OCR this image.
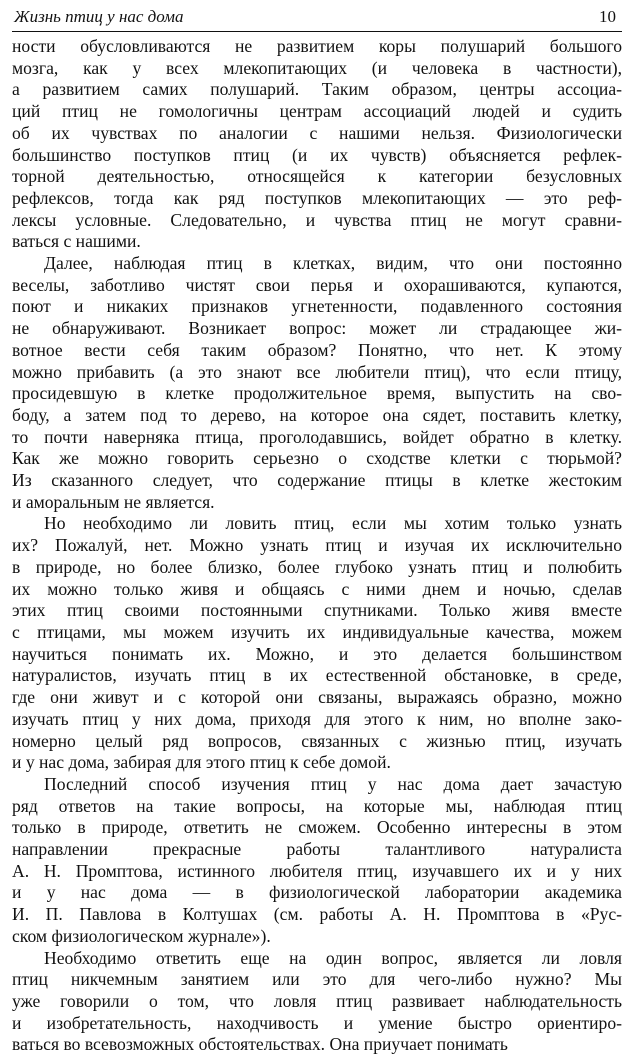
Жизнь птиц у нас дома	10

ности обусловливаются не развитием коры полушарий большого
мозга, как у всех млекопитающих (и человека в частности),
а развитием самих полушарий. Таким образом, центры ассоциа-
ций птиц не гомологичны центрам ассоциаций людей и судить
об их чувствах по аналогии с нашими нельзя. Физиологически
большинство поступков птиц (и их чувств) объясняется рефлек-
торной деятельностью, относящейся к категории безусловных
рефлексов, тогда как ряд поступков млекопитающих — это реф-
лексы условные. Следовательно, и чувства птиц не могут сравни-
ваться с нашими.

Далее, наблюдая птиц в клетках, видим, что они постоянно
веселы, заботливо чистят свои перья и охорашиваются, купаются,
поют и никаких признаков угнетенности, подавленного состояния
не обнаруживают. Возникает вопрос: может ли страдающее жи-
вотное вести себя таким образом? Понятно, что нет. К этому
можно прибавить (а это знают все любители птиц), что если птицу,
просидевшую в клетке продолжительное время, выпустить на сво-
боду, а затем под то дерево, на которое она сядет, поставить клетку,
то почти наверняка птица, проголодавшись, войдет обратно в клетку.
Как же можно говорить серьезно о сходстве клетки с тюрьмой?
Из сказанного следует, что содержание птицы в клетке жестоким
и аморальным не является.

Но необходимо ли ловить птиц, если мы хотим только узнать
их? Пожалуй, нет. Можно узнать птиц и изучая их исключительно
в природе, но более близко, более глубоко узнать птиц и полюбить
их можно только живя и общаясь с ними днем и ночью, сделав
этих птиц своими постоянными спутниками. Только живя вместе
с птицами, мы можем изучить их индивидуальные качества, можем
научиться понимать их. Можно, и это делается большинством
натуралистов, изучать птиц в их естественной обстановке, в среде,
где они живут и с которой они связаны, выражаясь образно, можно
изучать птиц у них дома, приходя для этого к ним, но вполне зако-
номерно целый ряд вопросов, связанных с жизнью птиц, изучать
и у нас дома, забирая для этого птиц к себе домой.

Последний способ изучения птиц у нас дома дает зачастую
ряд ответов на такие вопросы, на которые мы, наблюдая птиц
только в природе, ответить не сможем. Особенно интересны в этом
направлении прекрасные работы талантливого натуралиста
А. Н. Промптова, истинного любителя птиц, изучавшего их и у них
и у нас дома — в физиологической лаборатории академика
И. П. Павлова в Колтушах (см. работы А. Н. Промптова в «Рус-
ском физиологическом журнале»).

Необходимо ответить еще на один вопрос, является ли ловля
птиц никчемным занятием или это для чего-либо нужно? Мы
уже говорили о том, что ловля птиц развивает наблюдательность
и изобретательность, находчивость и умение быстро ориентиро-
ваться во всевозможных обстоятельствах. Она приучает понимать
